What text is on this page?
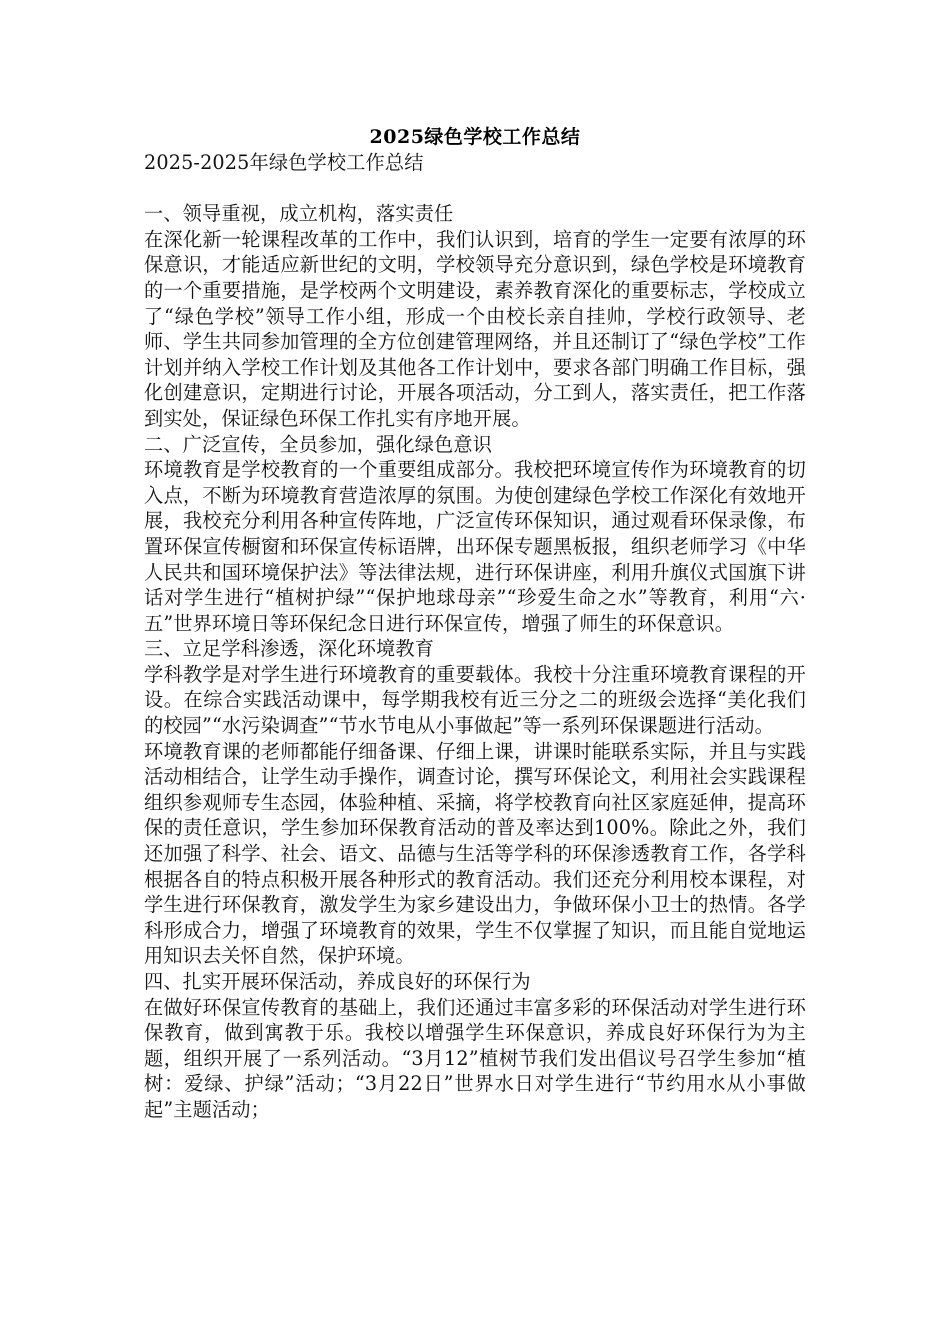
2025绿色学校工作总结

2025-2025年绿色学校工作总结

一、领导重视，成立机构，落实责任

在深化新一轮课程改革的工作中，我们认识到，培育的学生一定要有浓厚的环保意识，才能适应新世纪的文明，学校领导充分意识到，绿色学校是环境教育的一个重要措施，是学校两个文明建设，素养教育深化的重要标志，学校成立了“绿色学校”领导工作小组，形成一个由校长亲自挂帅，学校行政领导、老师、学生共同参加管理的全方位创建管理网络，并且还制订了“绿色学校”工作计划并纳入学校工作计划及其他各工作计划中，要求各部门明确工作目标，强化创建意识，定期进行讨论，开展各项活动，分工到人，落实责任，把工作落到实处，保证绿色环保工作扎实有序地开展。

二、广泛宣传，全员参加，强化绿色意识

环境教育是学校教育的一个重要组成部分。我校把环境宣传作为环境教育的切入点，不断为环境教育营造浓厚的氛围。为使创建绿色学校工作深化有效地开展，我校充分利用各种宣传阵地，广泛宣传环保知识，通过观看环保录像，布置环保宣传橱窗和环保宣传标语牌，出环保专题黑板报，组织老师学习《中华人民共和国环境保护法》等法律法规，进行环保讲座，利用升旗仪式国旗下讲话对学生进行“植树护绿”“保护地球母亲”“珍爱生命之水”等教育，利用“六·五”世界环境日等环保纪念日进行环保宣传，增强了师生的环保意识。

三、立足学科渗透，深化环境教育

学科教学是对学生进行环境教育的重要载体。我校十分注重环境教育课程的开设。在综合实践活动课中，每学期我校有近三分之二的班级会选择“美化我们的校园”“水污染调查”“节水节电从小事做起”等一系列环保课题进行活动。

环境教育课的老师都能仔细备课、仔细上课，讲课时能联系实际，并且与实践活动相结合，让学生动手操作，调查讨论，撰写环保论文，利用社会实践课程组织参观师专生态园，体验种植、采摘，将学校教育向社区家庭延伸，提高环保的责任意识，学生参加环保教育活动的普及率达到100%。除此之外，我们还加强了科学、社会、语文、品德与生活等学科的环保渗透教育工作，各学科根据各自的特点积极开展各种形式的教育活动。我们还充分利用校本课程，对学生进行环保教育，激发学生为家乡建设出力，争做环保小卫士的热情。各学科形成合力，增强了环境教育的效果，学生不仅掌握了知识，而且能自觉地运用知识去关怀自然，保护环境。

四、扎实开展环保活动，养成良好的环保行为

在做好环保宣传教育的基础上，我们还通过丰富多彩的环保活动对学生进行环保教育，做到寓教于乐。我校以增强学生环保意识，养成良好环保行为为主题，组织开展了一系列活动。“3月12”植树节我们发出倡议号召学生参加“植树：爱绿、护绿”活动；“3月22日”世界水日对学生进行“节约用水从小事做起”主题活动；
